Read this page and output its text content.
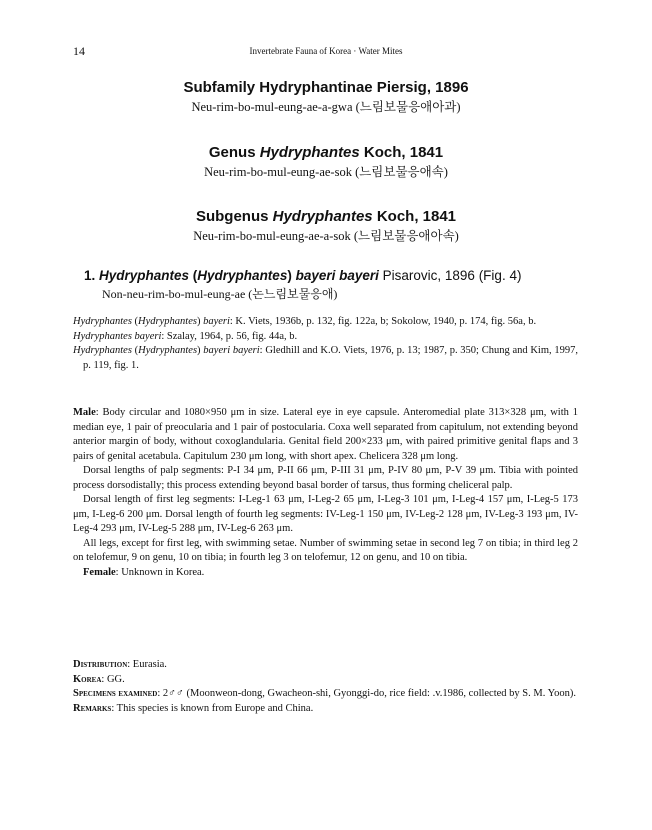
14	Invertebrate Fauna of Korea · Water Mites
Subfamily Hydryphantinae Piersig, 1896
Neu-rim-bo-mul-eung-ae-a-gwa (느림보물응애아과)
Genus Hydryphantes Koch, 1841
Neu-rim-bo-mul-eung-ae-sok (느림보물응애속)
Subgenus Hydryphantes Koch, 1841
Neu-rim-bo-mul-eung-ae-a-sok (느림보물응애아속)
1. Hydryphantes (Hydryphantes) bayeri bayeri Pisarovic, 1896 (Fig. 4)
Non-neu-rim-bo-mul-eung-ae (논느림보물응애)
Hydryphantes (Hydryphantes) bayeri: K. Viets, 1936b, p. 132, fig. 122a, b; Sokolow, 1940, p. 174, fig. 56a, b.
Hydryphantes bayeri: Szalay, 1964, p. 56, fig. 44a, b.
Hydryphantes (Hydryphantes) bayeri bayeri: Gledhill and K.O. Viets, 1976, p. 13; 1987, p. 350; Chung and Kim, 1997, p. 119, fig. 1.

Male: Body circular and 1080×950 μm in size. Lateral eye in eye capsule. Anteromedial plate 313×328 μm, with 1 median eye, 1 pair of preocularia and 1 pair of postocularia. Coxa well separated from capitulum, not extending beyond anterior margin of body, without coxoglandularia. Genital field 200×233 μm, with paired primitive genital flaps and 3 pairs of genital acetabula. Capitulum 230 μm long, with short apex. Chelicera 328 μm long.

Dorsal lengths of palp segments: P-I 34 μm, P-II 66 μm, P-III 31 μm, P-IV 80 μm, P-V 39 μm. Tibia with pointed process dorsodistally; this process extending beyond basal border of tarsus, thus forming cheliceral palp.

Dorsal length of first leg segments: I-Leg-1 63 μm, I-Leg-2 65 μm, I-Leg-3 101 μm, I-Leg-4 157 μm, I-Leg-5 173 μm, I-Leg-6 200 μm. Dorsal length of fourth leg segments: IV-Leg-1 150 μm, IV-Leg-2 128 μm, IV-Leg-3 193 μm, IV-Leg-4 293 μm, IV-Leg-5 288 μm, IV-Leg-6 263 μm.

All legs, except for first leg, with swimming setae. Number of swimming setae in second leg 7 on tibia; in third leg 2 on telofemur, 9 on genu, 10 on tibia; in fourth leg 3 on telofemur, 12 on genu, and 10 on tibia.

Female: Unknown in Korea.

Distribution: Eurasia.

Korea: GG.

Specimens examined: 2♂♂ (Moonweon-dong, Gwacheon-shi, Gyonggi-do, rice field: .v.1986, collected by S. M. Yoon).

Remarks: This species is known from Europe and China.
